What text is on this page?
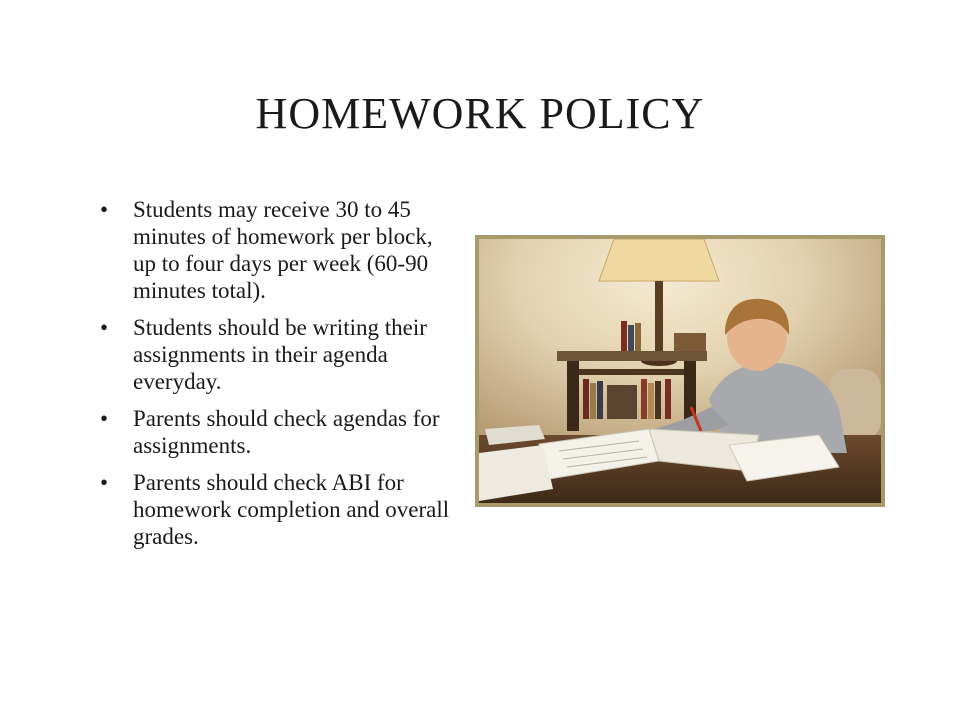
HOMEWORK POLICY
• Students may receive 30 to 45 minutes of homework per block, up to four days per week (60-90 minutes total).
• Students should be writing their assignments in their agenda everyday.
• Parents should check agendas for assignments.
• Parents should check ABI for homework completion and overall grades.
